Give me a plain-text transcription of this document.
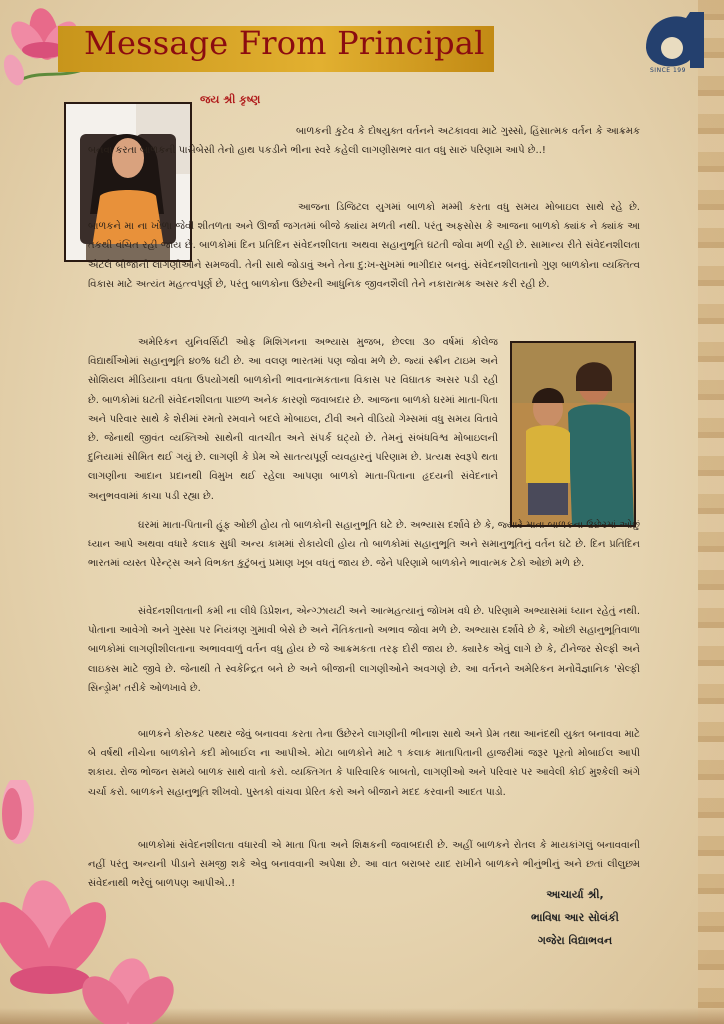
Message From Principal
SINCE 199
જય શ્રી કૃષ્ણ

બાળકની કુટેવ કે દોષયુક્ત વર્તનને અટકાવવા માટે ગુસ્સો, હિંસાત્મક વર્તન કે આક્રમક બનવા કરતા બાળકની પાસેબેસી તેનો હાથ પકડીને ભીના સ્વરે કહેલી લાગણીસભર વાત વધુ સારું પરિણામ આપે છે..!

આજના ડિજિટલ યુગમાં બાળકો મમ્મી કરતા વધુ સમય મોબાઇલ સાથે રહે છે. બાળકને મા ના ખોળા જેવી શીતળતા અને ઊર્જા જગતમાં બીજે ક્યાંય મળતી નથી. પરંતુ અફસોસ કે આજના બાળકો ક્યાંક ને ક્યાંક આ તકથી વંચિત રહી જાય છે. બાળકોમાં દિન પ્રતિદિન સંવેદનશીલતા અથવા સહાનુભૂતિ ઘટતી જોવા મળી રહી છે. સામાન્ય રીતે સંવેદનશીલતા એટલે બીજાની લાગણીઓને સમજવી. તેની સાથે જોડાવું અને તેના દુ:ખ-સુખમાં ભાગીદાર બનવું. સંવેદનશીલતાનો ગુણ બાળકોના વ્યક્તિત્વ વિકાસ માટે અત્યંત મહત્ત્વપૂર્ણ છે, પરંતુ બાળકોના ઉછેરની આધુનિક જીવનશૈલી તેને નકારાત્મક અસર કરી રહી છે.

અમેરિકન યુનિવર્સિટી ઓફ મિશિગનના અભ્યાસ મુજબ, છેલ્લા ૩૦ વર્ષમાં કોલેજ વિદ્યાર્થીઓમાં સહાનુભૂતિ ૪૦% ઘટી છે. આ વલણ ભારતમાં પણ જોવા મળે છે. જ્યાં સ્ક્રીન ટાઇમ અને સોશિયલ મીડિયાના વધતા ઉપયોગથી બાળકોની ભાવનાત્મકતાના વિકાસ પર વિઘાતક અસર પડી રહી છે. બાળકોમાં ઘટતી સંવેદનશીલતા પાછળ અનેક કારણો જવાબદાર છે. આજના બાળકો ઘરમાં માતા-પિતા અને પરિવાર સાથે કે શેરીમાં રમતો રમવાને બદલે મોબાઇલ, ટીવી અને વીડિયો ગેમ્સમાં વધુ સમય વિતાવે છે. જેનાથી જીવંત વ્યક્તિઓ સાથેની વાતચીત અને સંપર્ક ઘટ્યો છે. તેમનું સંબંધવિશ્વ મોબાઇલની દુનિયામાં સીમિત થઈ ગયું છે. લાગણી કે પ્રેમ એ સાતત્યપૂર્ણ વ્યવહારનું પરિણામ છે. પ્રત્યક્ષ સ્વરૂપે થતા લાગણીના આદાન પ્રદાનથી વિમુખ થઈ રહેલા આપણા બાળકો માતા-પિતાના હૃદયની સંવેદનાને અનુભવવામાં કાચા પડી રહ્યા છે.

ઘરમાં માતા-પિતાની હૂંફ ઓછી હોય તો બાળકોની સહાનુભૂતિ ઘટે છે. અભ્યાસ દર્શાવે છે કે, જ્યારે માતા બાળકના ઉછેરમાં ઓછું ધ્યાન આપે અથવા વધારે કલાક સુધી અન્ય કામમાં રોકાયેલી હોય તો બાળકોમાં સહાનુભૂતિ અને સમાનુભૂતિનું વર્તન ઘટે છે. દિન પ્રતિદિન ભારતમાં વ્યસ્ત પેરેન્ટ્સ અને વિભક્ત કુટુંબનું પ્રમાણ ખૂબ વધતું જાય છે. જેને પરિણામે બાળકોને ભાવાત્મક ટેકો ઓછો મળે છે.

સંવેદનશીલતાની કમી ના લીધે ડિપ્રેશન, એન્ગ્ઝાયટી અને આત્મહત્યાનું જોખમ વધે છે. પરિણામે અભ્યાસમાં ધ્યાન રહેતું નથી. પોતાના આવેગો અને ગુસ્સા પર નિયંત્રણ ગુમાવી બેસે છે અને નૈતિકતાનો અભાવ જોવા મળે છે. અભ્યાસ દર્શાવે છે કે, ઓછી સહાનુભૂતિવાળા બાળકોમાં લાગણીશીલતાના અભાવવાળું વર્તન વધુ હોય છે જે આક્રમકતા તરફ દોરી જાય છે. ક્યારેક એવું લાગે છે કે, ટીનેજર સેલ્ફી અને લાઇક્સ માટે જીવે છે. જેનાથી તે સ્વકેન્દ્રિત બને છે અને બીજાની લાગણીઓને અવગણે છે. આ વર્તનને અમેરિકન મનોવૈજ્ઞાનિક 'સેલ્ફી સિન્ડ્રોમ' તરીકે ઓળખાવે છે.

બાળકને કોરુકટ પથ્થર જેવું બનાવવા કરતા તેના ઉછેરને લાગણીની ભીનાશ સાથે અને પ્રેમ તથા આનંદથી યુક્ત બનાવવા માટે બે વર્ષથી નીચેના બાળકોને કદી મોબાઈલ ના આપીએ. મોટા બાળકોને માટે ૧ કલાક માતાપિતાની હાજરીમાં જરૂર પૂરતો મોબાઈલ આપી શકાય. રોજ ભોજન સમયે બાળક સાથે વાતો કરો. વ્યક્તિગત કે પારિવારિક બાબતો, લાગણીઓ અને પરિવાર પર આવેલી કોઈ મુશ્કેલી અંગે ચર્ચા કરો. બાળકને સહાનુભૂતિ શીખવો. પુસ્તકો વાંચવા પ્રેરિત કરો અને બીજાને મદદ કરવાની આદત પાડો.

બાળકોમાં સંવેદનશીલતા વધારવી એ માતા પિતા અને શિક્ષકની જવાબદારી છે. અહીં બાળકને રોતલ કે માયકાંગલું બનાવવાની નહીં પરંતુ અન્યની પીડાને સમજી શકે એવુ બનાવવાની અપેક્ષા છે. આ વાત બરાબર યાદ રાખીને બાળકને ભીનુંભીનું અને છતાં લીલુછમ સંવેદનાથી ભરેલું બાળપણ આપીએ..!

આચાર્યા શ્રી,
ભાવિષા આર સોલંકી
ગજેરા વિદ્યાભવન
